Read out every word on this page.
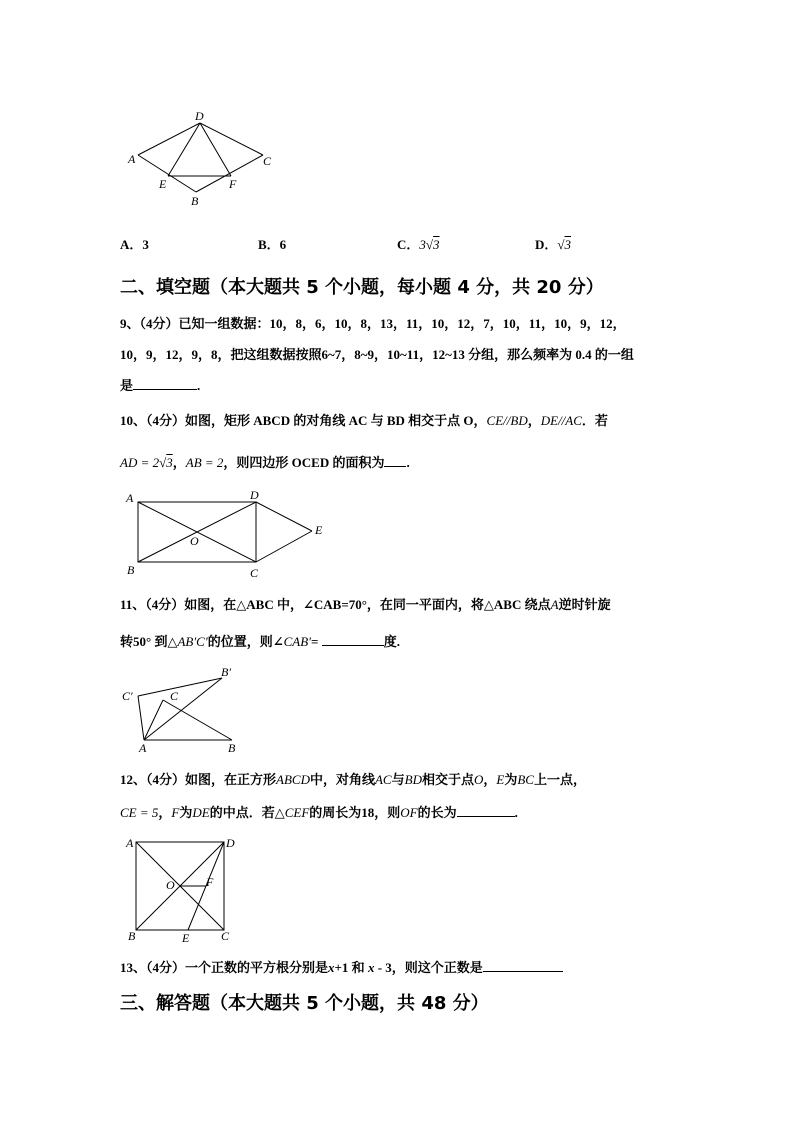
D
A	C
E	F
B
A．3	B．6	C．3√3	D．√3
二、填空题（本大题共 5 个小题，每小题 4 分，共 20 分）
9、（4分）已知一组数据：10，8，6，10，8，13，11，10，12，7，10，11，10，9，12，
10，9，12，9，8，把这组数据按照6~7，8~9，10~11，12~13 分组，那么频率为 0.4 的一组
是	.
10、（4分）如图，矩形 ABCD 的对角线 AC 与 BD 相交于点 O，CE//BD，DE//AC．若
AD = 2√3，AB = 2，则四边形 OCED 的面积为 .
A	D
E
O
B	C
11、（4分）如图，在△ABC 中，∠CAB=70°，在同一平面内，将△ABC 绕点A逆时针旋
转50° 到△AB′C′的位置，则∠CAB′=	度.
C′	C
B′
A	B
12、（4分）如图，在正方形ABCD中，对角线AC与BD相交于点O，E为BC上一点，
CE = 5，F为DE的中点．若△CEF的周长为18，则OF的长为	.
A	D
O	F
B	E	C
13、（4分）一个正数的平方根分别是x+1 和 x - 3，则这个正数是
三、解答题（本大题共 5 个小题，共 48 分）
